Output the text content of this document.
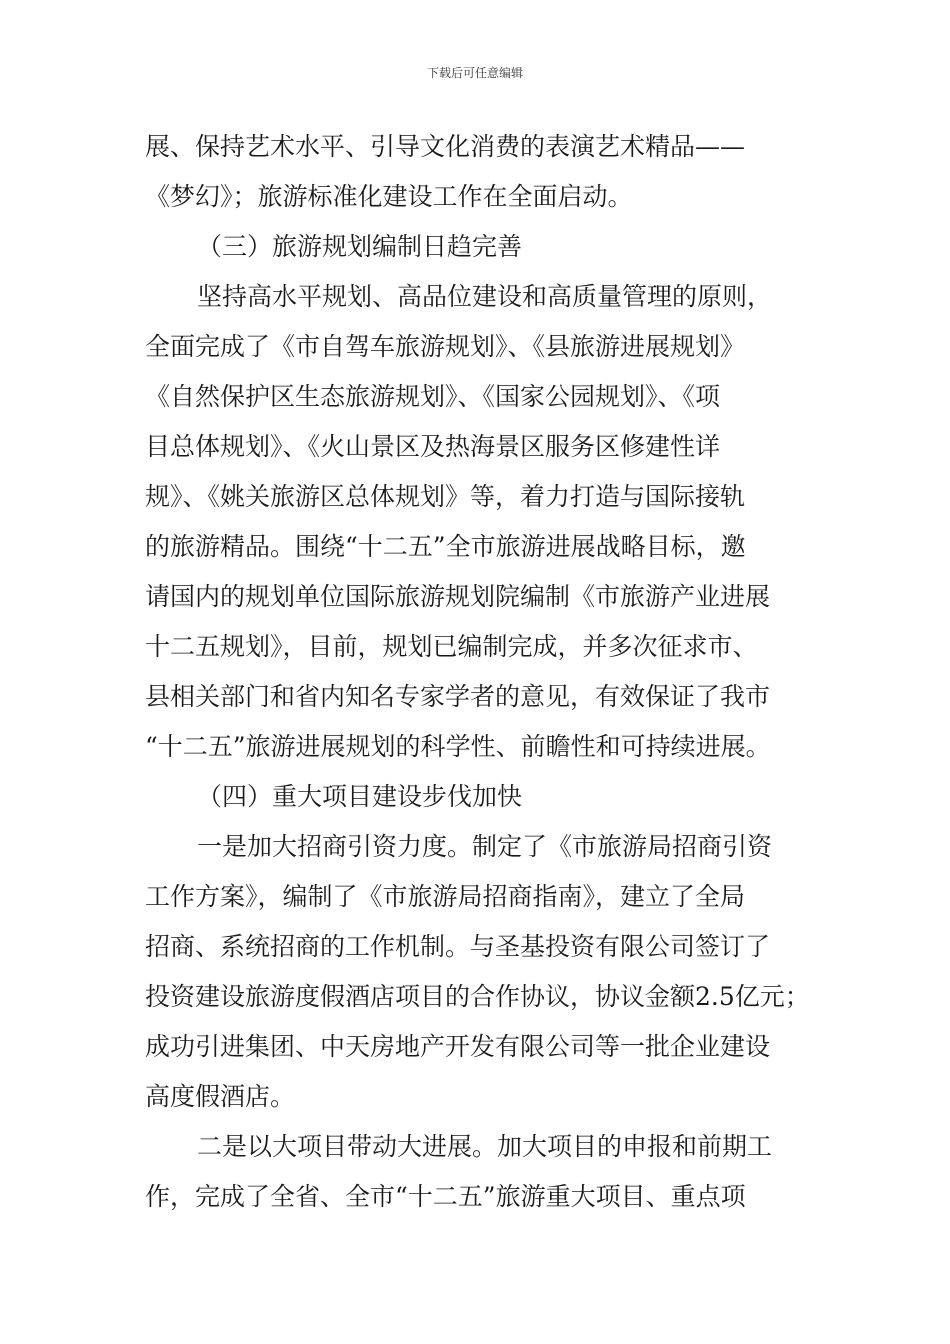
下载后可任意编辑
展、保持艺术水平、引导文化消费的表演艺术精品——
《梦幻》；旅游标准化建设工作在全面启动。
（三）旅游规划编制日趋完善
坚持高水平规划、高品位建设和高质量管理的原则，
全面完成了《市自驾车旅游规划》、《县旅游进展规划》
《自然保护区生态旅游规划》、《国家公园规划》、《项
目总体规划》、《火山景区及热海景区服务区修建性详
规》、《姚关旅游区总体规划》等，着力打造与国际接轨
的旅游精品。围绕“十二五”全市旅游进展战略目标，邀
请国内的规划单位国际旅游规划院编制《市旅游产业进展
十二五规划》，目前，规划已编制完成，并多次征求市、
县相关部门和省内知名专家学者的意见，有效保证了我市
“十二五”旅游进展规划的科学性、前瞻性和可持续进展。
（四）重大项目建设步伐加快
一是加大招商引资力度。制定了《市旅游局招商引资
工作方案》，编制了《市旅游局招商指南》，建立了全局
招商、系统招商的工作机制。与圣基投资有限公司签订了
投资建设旅游度假酒店项目的合作协议，协议金额2.5亿元；
成功引进集团、中天房地产开发有限公司等一批企业建设
高度假酒店。
二是以大项目带动大进展。加大项目的申报和前期工
作，完成了全省、全市“十二五”旅游重大项目、重点项
